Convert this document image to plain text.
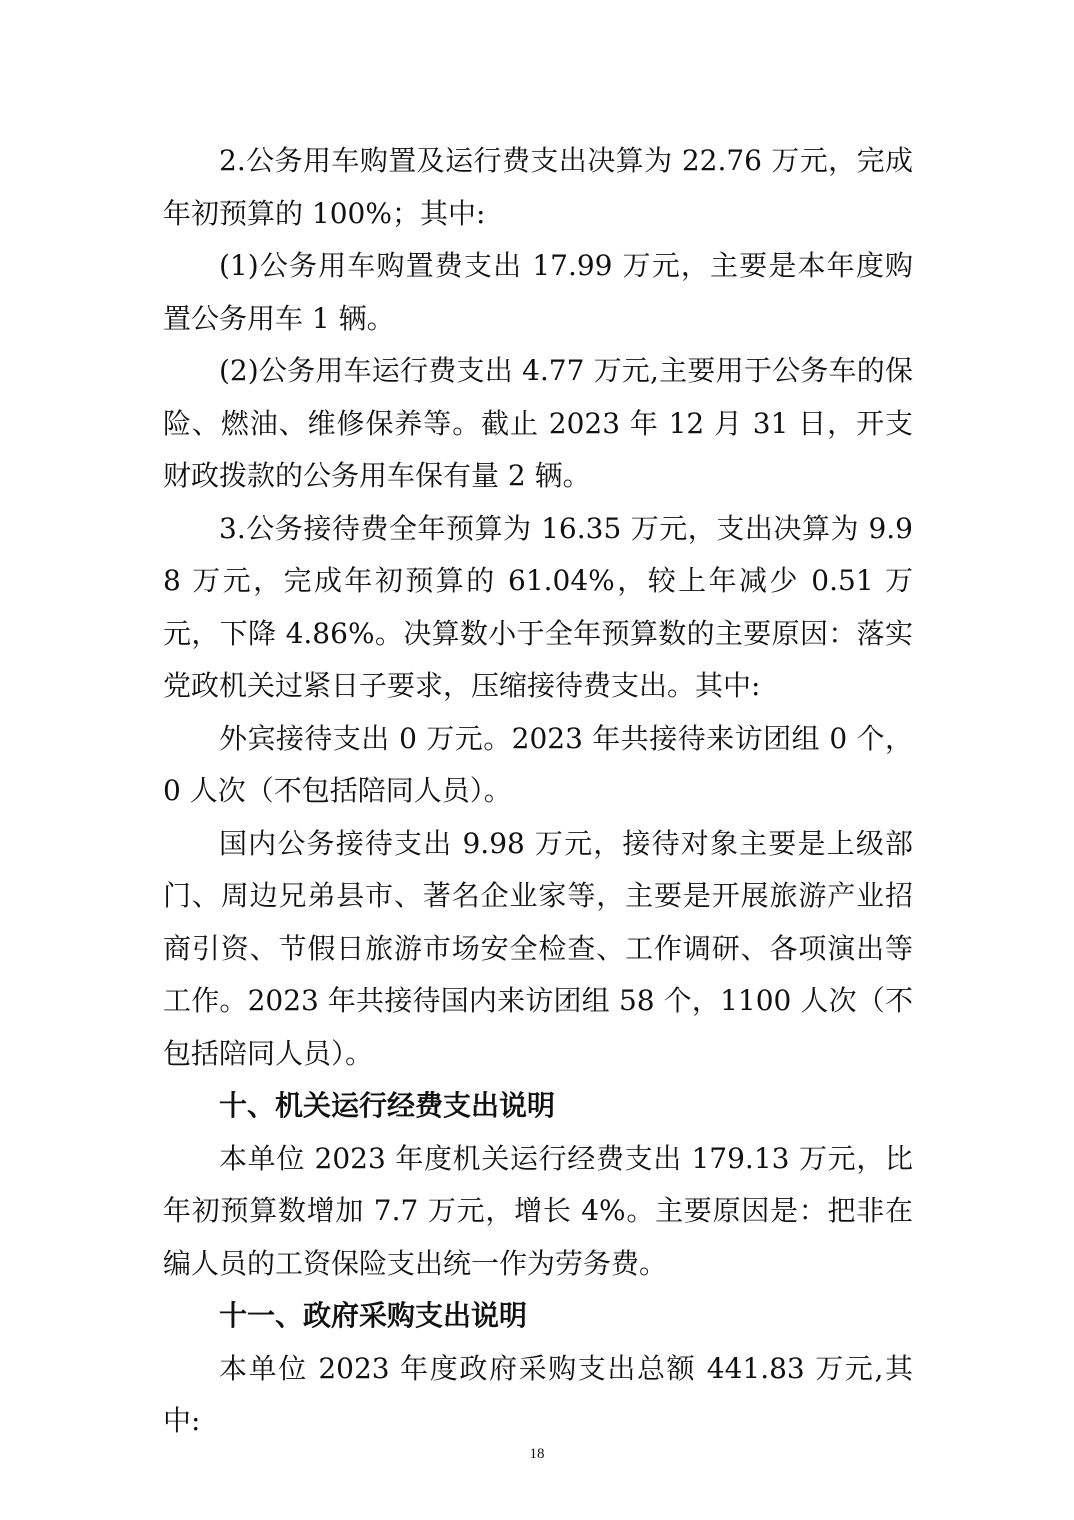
2.公务用车购置及运行费支出决算为 22.76 万元，完成年初预算的 100%；其中:

(1)公务用车购置费支出 17.99 万元，主要是本年度购置公务用车 1 辆。

(2)公务用车运行费支出 4.77 万元,主要用于公务车的保险、燃油、维修保养等。截止 2023 年 12 月 31 日，开支财政拨款的公务用车保有量 2 辆。

3.公务接待费全年预算为 16.35 万元，支出决算为 9.98 万元，完成年初预算的 61.04%，较上年减少 0.51 万元，下降 4.86%。决算数小于全年预算数的主要原因：落实党政机关过紧日子要求，压缩接待费支出。其中:

外宾接待支出 0 万元。2023 年共接待来访团组 0 个，0 人次（不包括陪同人员）。

国内公务接待支出 9.98 万元，接待对象主要是上级部门、周边兄弟县市、著名企业家等，主要是开展旅游产业招商引资、节假日旅游市场安全检查、工作调研、各项演出等工作。2023 年共接待国内来访团组 58 个，1100 人次（不包括陪同人员）。

十、机关运行经费支出说明

本单位 2023 年度机关运行经费支出 179.13 万元，比年初预算数增加 7.7 万元，增长 4%。主要原因是：把非在编人员的工资保险支出统一作为劳务费。

十一、政府采购支出说明

本单位 2023 年度政府采购支出总额 441.83 万元,其中:

18
